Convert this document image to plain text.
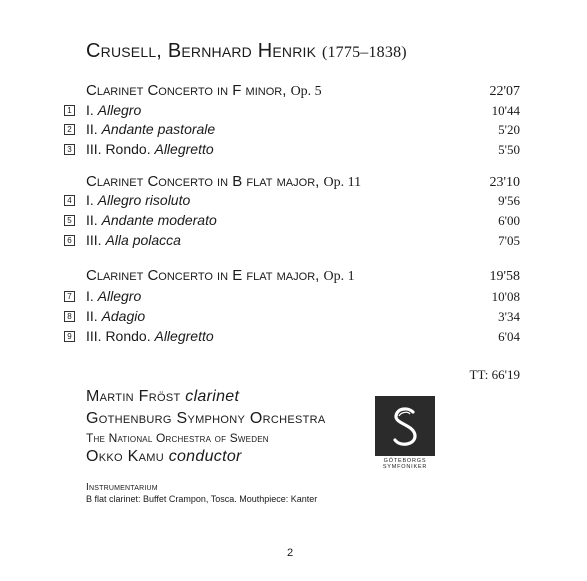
Crusell, Bernhard Henrik (1775–1838)
Clarinet Concerto in F minor, Op. 5	22'07
1 I. Allegro	10'44
2 II. Andante pastorale	5'20
3 III. Rondo. Allegretto	5'50
Clarinet Concerto in B flat major, Op. 11	23'10
4 I. Allegro risoluto	9'56
5 II. Andante moderato	6'00
6 III. Alla polacca	7'05
Clarinet Concerto in E flat major, Op. 1	19'58
7 I. Allegro	10'08
8 II. Adagio	3'34
9 III. Rondo. Allegretto	6'04
TT: 66'19
Martin Fröst clarinet
Gothenburg Symphony Orchestra
The National Orchestra of Sweden
Okko Kamu conductor	GÖTEBORGS
SYMFONIKER
Instrumentarium
B flat clarinet: Buffet Crampon, Tosca. Mouthpiece: Kanter
2
